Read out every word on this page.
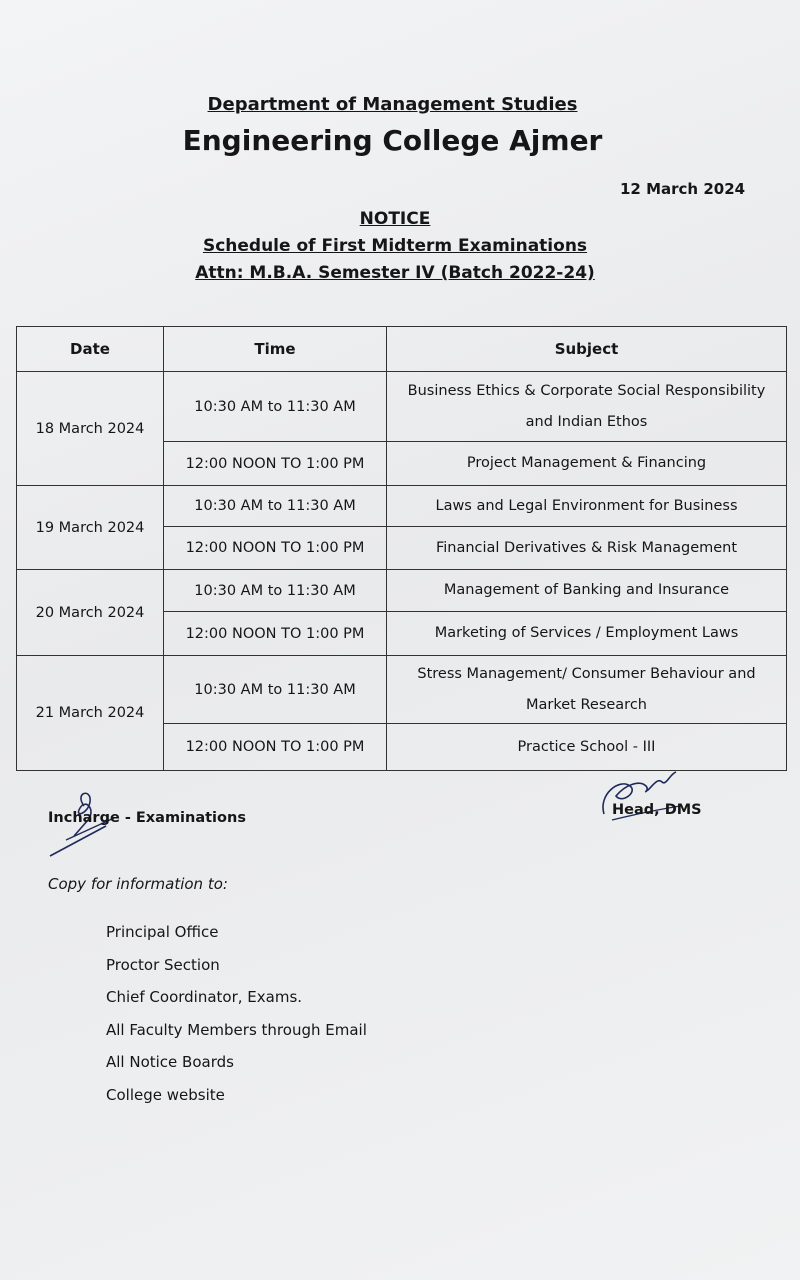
Department of Management Studies
Engineering College Ajmer
12 March 2024
NOTICE
Schedule of First Midterm Examinations
Attn: M.B.A. Semester IV (Batch 2022-24)
Date	Time	Subject
18 March 2024	10:30 AM to 11:30 AM	Business Ethics & Corporate Social Responsibility and Indian Ethos
	12:00 NOON TO 1:00 PM	Project Management & Financing
19 March 2024	10:30 AM to 11:30 AM	Laws and Legal Environment for Business
	12:00 NOON TO 1:00 PM	Financial Derivatives & Risk Management
20 March 2024	10:30 AM to 11:30 AM	Management of Banking and Insurance
	12:00 NOON TO 1:00 PM	Marketing of Services / Employment Laws
21 March 2024	10:30 AM to 11:30 AM	Stress Management/ Consumer Behaviour and Market Research
	12:00 NOON TO 1:00 PM	Practice School - III
Incharge - Examinations	Head, DMS
Copy for information to:
Principal Office
Proctor Section
Chief Coordinator, Exams.
All Faculty Members through Email
All Notice Boards
College website
